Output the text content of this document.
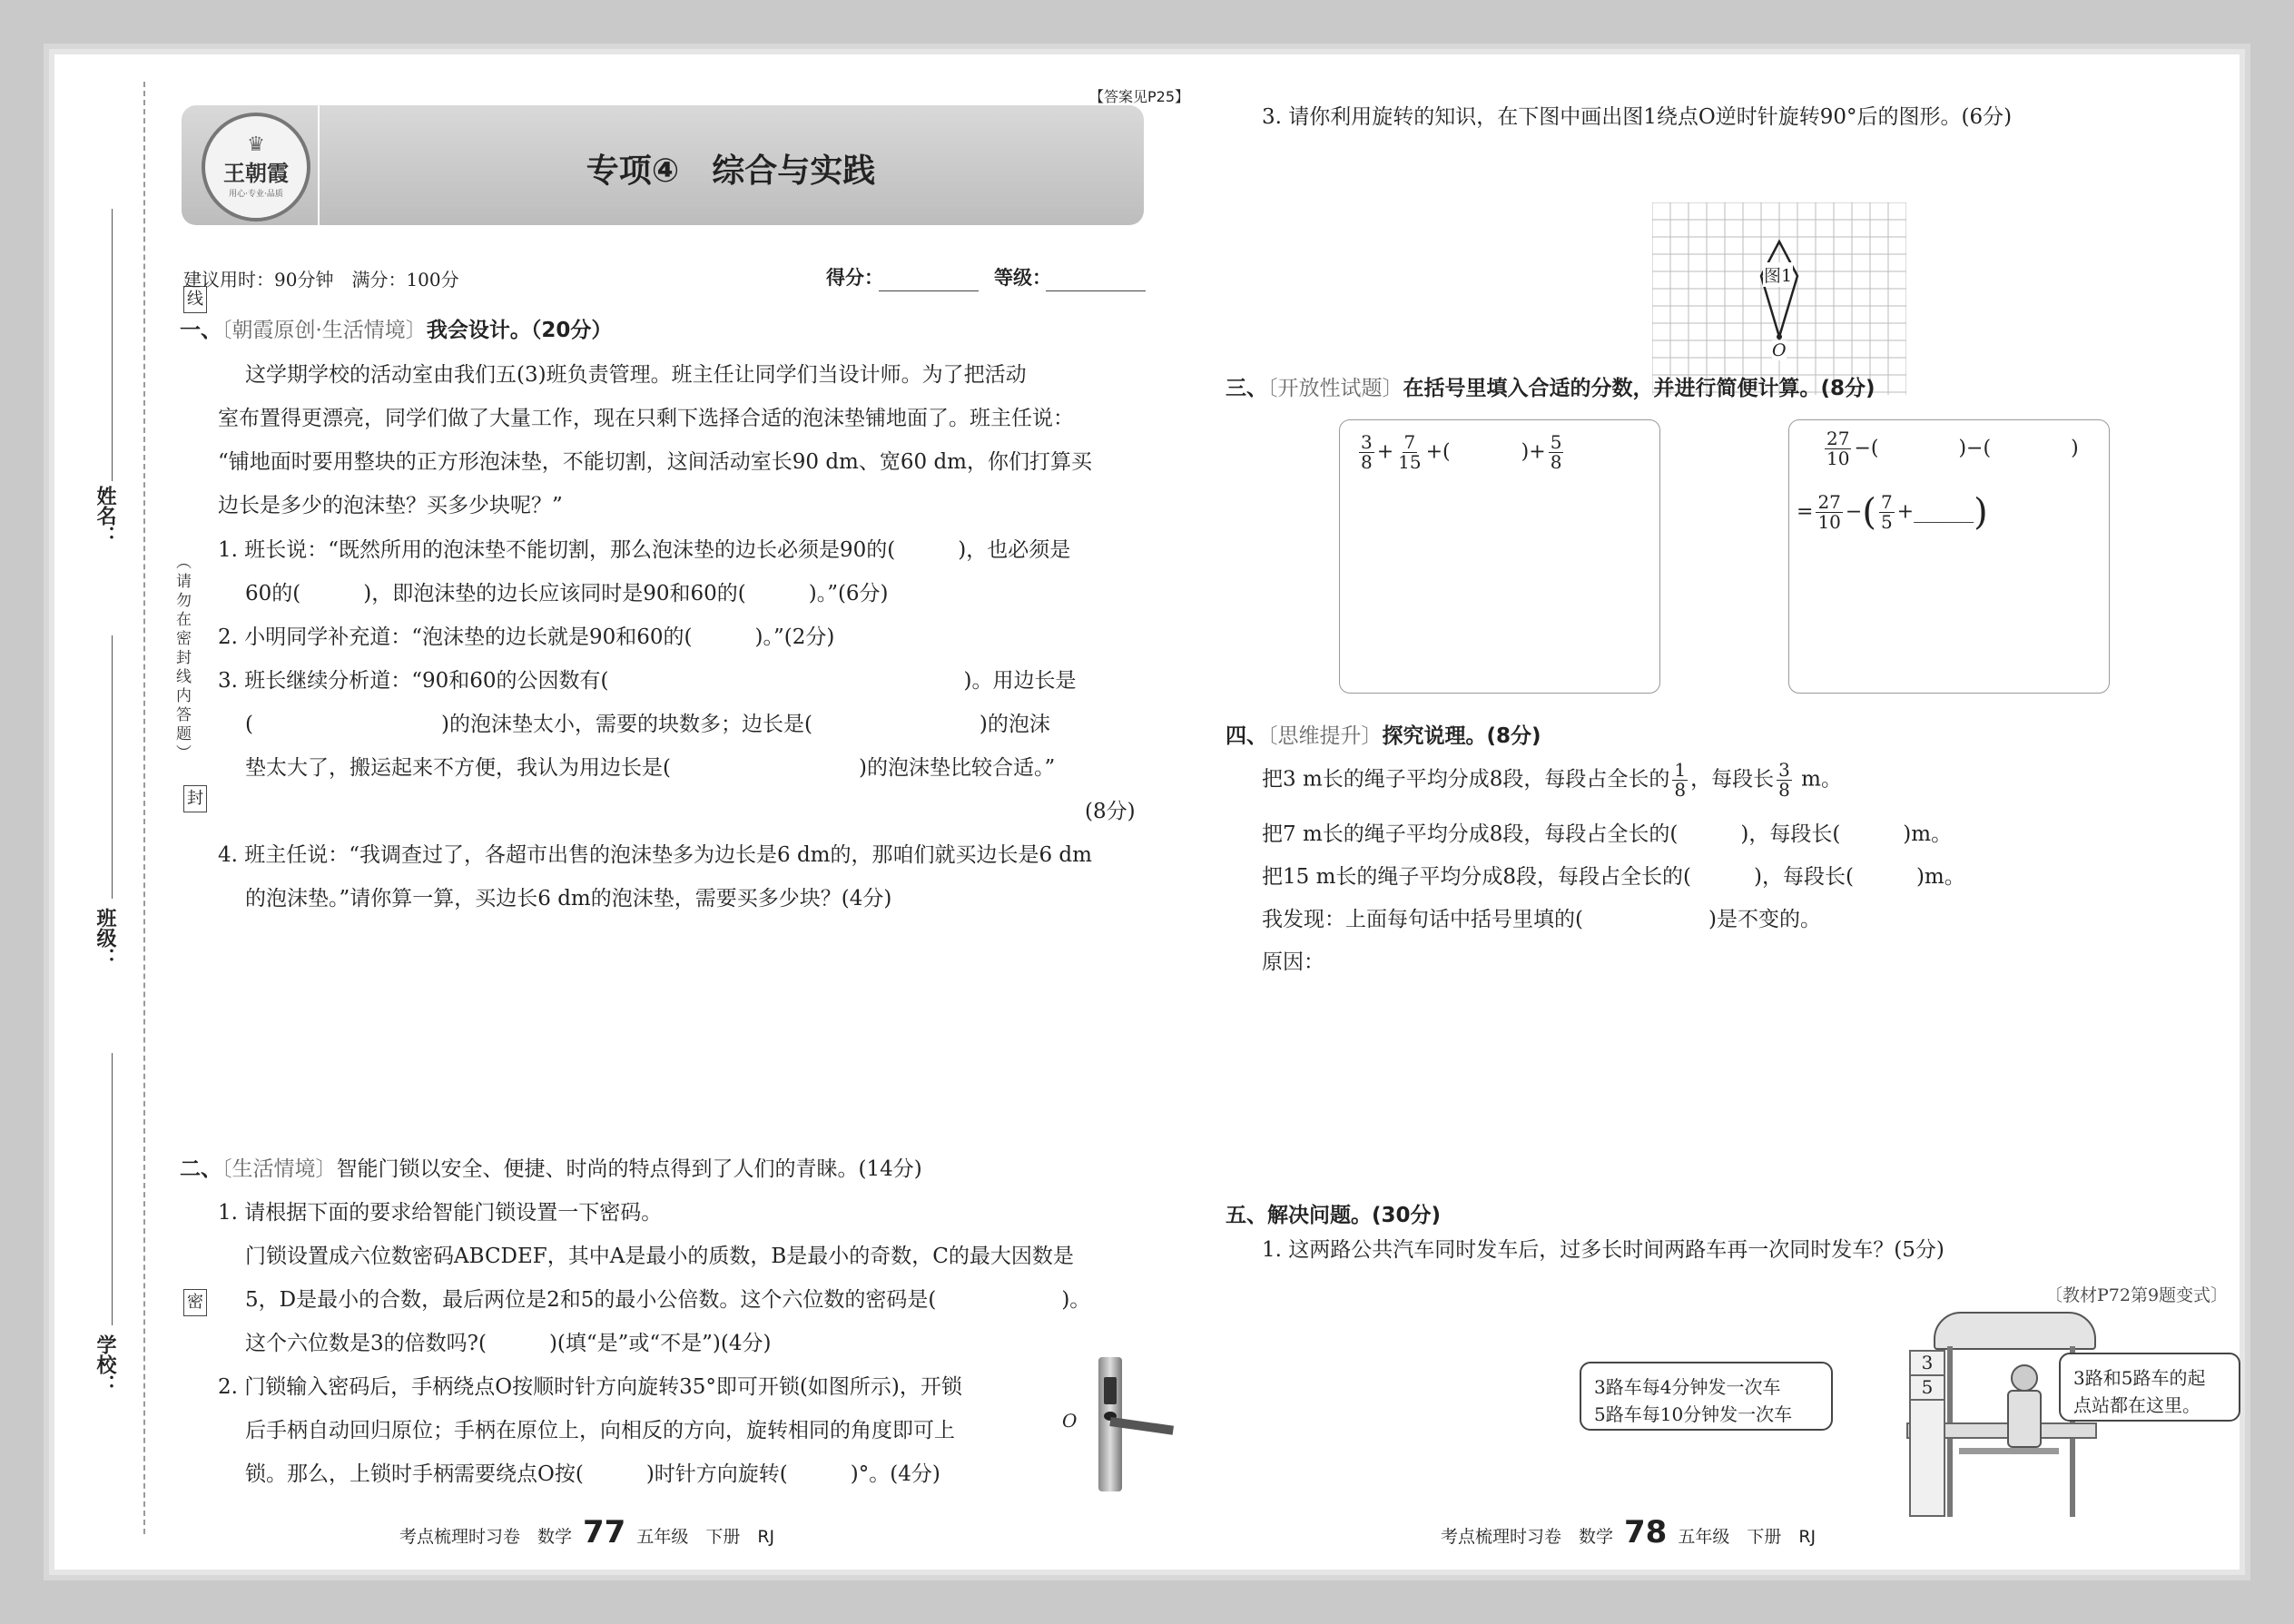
线
封
密
（请勿在密封线内答题）
姓名：
班级：
学校：
【答案见P25】
♛
王朝霞
用心·专业·品质
专项④　综合与实践
建议用时：90分钟　满分：100分	得分：	等级：
一、〔朝霞原创·生活情境〕我会设计。（20分）
这学期学校的活动室由我们五(3)班负责管理。班主任让同学们当设计师。为了把活动
室布置得更漂亮，同学们做了大量工作，现在只剩下选择合适的泡沫垫铺地面了。班主任说：
“铺地面时要用整块的正方形泡沫垫，不能切割，这间活动室长90 dm、宽60 dm，你们打算买
边长是多少的泡沫垫？买多少块呢？”
1. 班长说：“既然所用的泡沫垫不能切割，那么泡沫垫的边长必须是90的(　　　)，也必须是
60的(　　　)，即泡沫垫的边长应该同时是90和60的(　　　)。”(6分)
2. 小明同学补充道：“泡沫垫的边长就是90和60的(　　　)。”(2分)
3. 班长继续分析道：“90和60的公因数有(　　　　　　　　　　　　　　　　　)。用边长是
(　　　　　　　　　)的泡沫垫太小，需要的块数多；边长是(　　　　　　　　)的泡沫
垫太大了，搬运起来不方便，我认为用边长是(　　　　　　　　　)的泡沫垫比较合适。”
(8分)
4. 班主任说：“我调查过了，各超市出售的泡沫垫多为边长是6 dm的，那咱们就买边长是6 dm
的泡沫垫。”请你算一算，买边长6 dm的泡沫垫，需要买多少块？(4分)
二、〔生活情境〕智能门锁以安全、便捷、时尚的特点得到了人们的青睐。(14分)
1. 请根据下面的要求给智能门锁设置一下密码。
门锁设置成六位数密码ABCDEF，其中A是最小的质数，B是最小的奇数，C的最大因数是
5，D是最小的合数，最后两位是2和5的最小公倍数。这个六位数的密码是(　　　　　　)。
这个六位数是3的倍数吗?(　　　)(填“是”或“不是”)(4分)
2. 门锁输入密码后，手柄绕点O按顺时针方向旋转35°即可开锁(如图所示)，开锁
后手柄自动回归原位；手柄在原位上，向相反的方向，旋转相同的角度即可上
锁。那么，上锁时手柄需要绕点O按(　　　)时针方向旋转(　　　)°。(4分)
O
考点梳理时习卷　数学 77 五年级　下册　RJ
3. 请你利用旋转的知识，在下图中画出图1绕点O逆时针旋转90°后的图形。(6分)
图1
O
三、〔开放性试题〕在括号里填入合适的分数，并进行简便计算。(8分)
$\frac{3}{8} + \frac{7}{15}$ +(	)+ $\frac{5}{8}$	$\frac{27}{10}$ −(　　　　)−(　　　　)
= $\frac{27}{10}$ −( $\frac{7}{5}$ +______)
四、〔思维提升〕探究说理。(8分)
把3 m长的绳子平均分成8段，每段占全长的 $\frac{1}{8}$ ，每段长 $\frac{3}{8}$ m。
把7 m长的绳子平均分成8段，每段占全长的(　　　)，每段长(　　　)m。
把15 m长的绳子平均分成8段，每段占全长的(　　　)，每段长(　　　)m。
我发现：上面每句话中括号里填的(　　　　　　)是不变的。
原因：
五、解决问题。(30分)
1. 这两路公共汽车同时发车后，过多长时间两路车再一次同时发车？(5分)
〔教材P72第9题变式〕
3
5
3路车每4分钟发一次车
5路车每10分钟发一次车
3路和5路车的起
点站都在这里。
考点梳理时习卷　数学 78 五年级　下册　RJ
